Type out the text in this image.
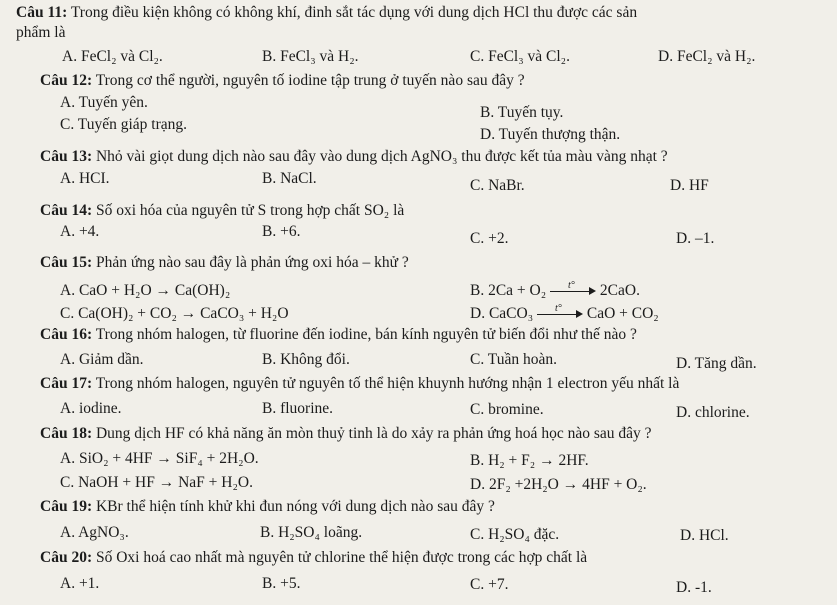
Câu 11: Trong điều kiện không có không khí, đinh sắt tác dụng với dung dịch HCl thu được các sản
phẩm là
A. FeCl₂ và Cl₂.	B. FeCl₃ và H₂.	C. FeCl₃ và Cl₂.	D. FeCl₂ và H₂.
Câu 12: Trong cơ thể người, nguyên tố iodine tập trung ở tuyến nào sau đây ?
A. Tuyến yên.
B. Tuyến tụy.
C. Tuyến giáp trạng.
D. Tuyến thượng thận.
Câu 13: Nhỏ vài giọt dung dịch nào sau đây vào dung dịch AgNO₃ thu được kết tủa màu vàng nhạt ?
A. HCI.	B. NaCl.	C. NaBr.	D. HF
Câu 14: Số oxi hóa của nguyên tử S trong hợp chất SO₂ là
A. +4.	B. +6.	C. +2.	D. –1.
Câu 15: Phản ứng nào sau đây là phản ứng oxi hóa – khử ?
A. CaO + H₂O → Ca(OH)₂	B. 2Ca + O₂ t° 2CaO.
C. Ca(OH)₂ + CO₂ → CaCO₃ + H₂O	D. CaCO₃ t° CaO + CO₂
Câu 16: Trong nhóm halogen, từ fluorine đến iodine, bán kính nguyên tử biến đổi như thế nào ?
A. Giảm dần.	B. Không đổi.	C. Tuần hoàn.	D. Tăng dần.
Câu 17: Trong nhóm halogen, nguyên tử nguyên tố thể hiện khuynh hướng nhận 1 electron yếu nhất là
A. iodine.	B. fluorine.	C. bromine.	D. chlorine.
Câu 18: Dung dịch HF có khả năng ăn mòn thuỷ tinh là do xảy ra phản ứng hoá học nào sau đây ?
A. SiO₂ + 4HF → SiF₄ + 2H₂O.	B. H₂ + F₂ → 2HF.
C. NaOH + HF → NaF + H₂O.	D. 2F₂ +2H₂O → 4HF + O₂.
Câu 19: KBr thể hiện tính khử khi đun nóng với dung dịch nào sau đây ?
A. AgNO₃.	B. H₂SO₄ loãng.	C. H₂SO₄ đặc.	D. HCl.
Câu 20: Số Oxi hoá cao nhất mà nguyên tử chlorine thể hiện được trong các hợp chất là
A. +1.	B. +5.	C. +7.	D. -1.
